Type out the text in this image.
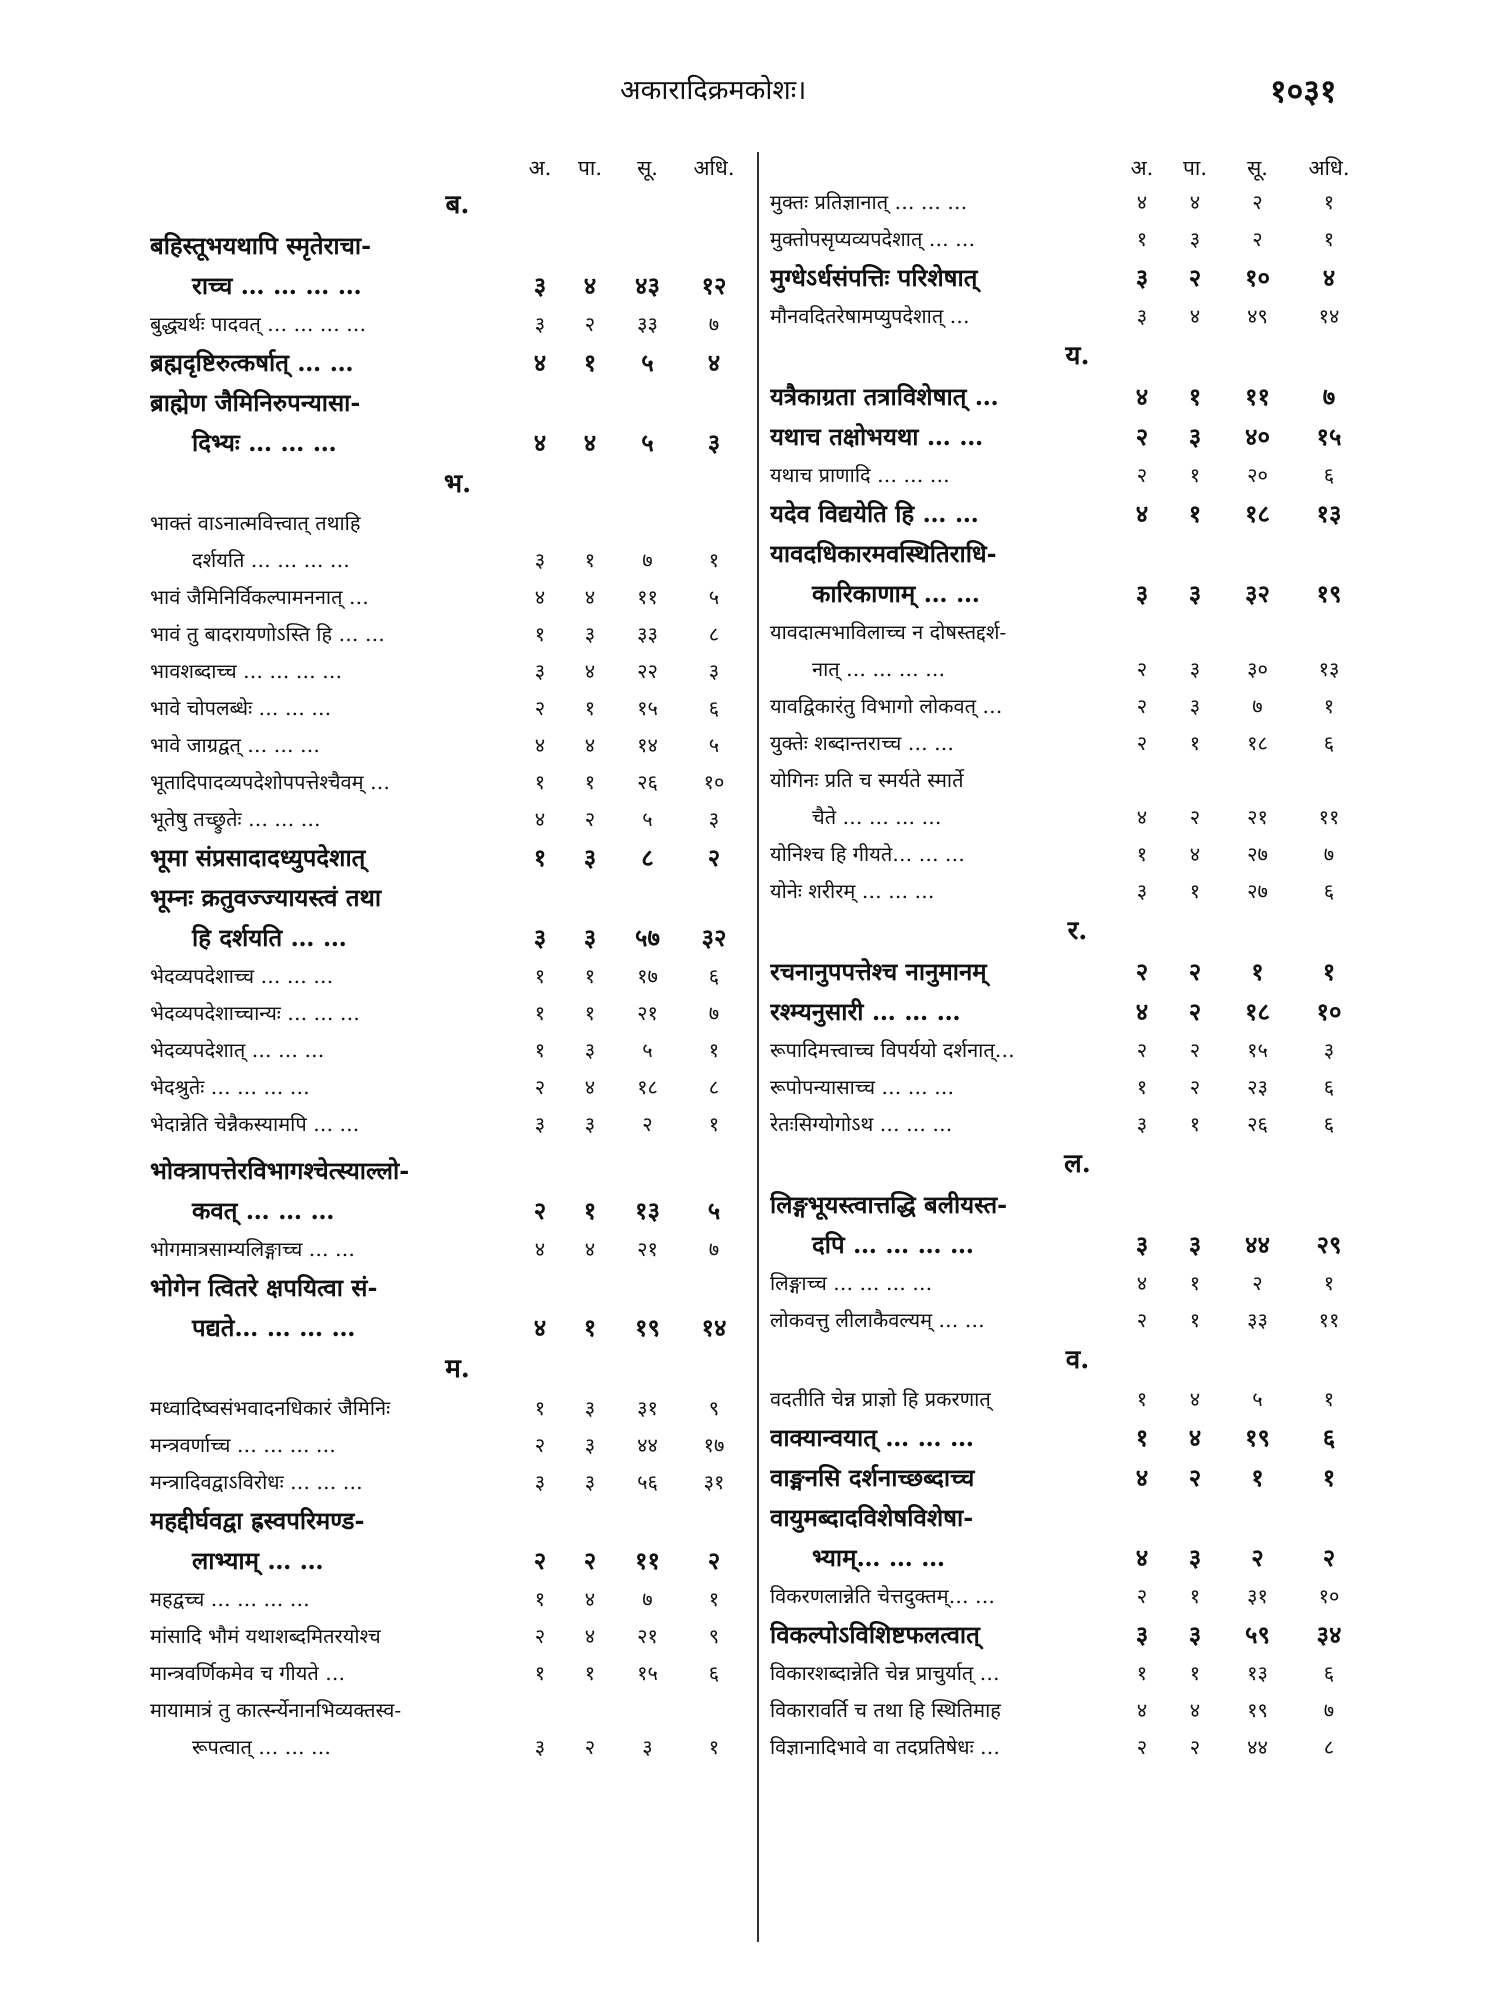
अकारादिक्रमकोशः।	१०३१
अ.	पा.	सू.	अधि.
ब.
बहिस्तूभयथापि स्मृतेराचा-
राच्च … … … …	३	४	४३	१२
बुद्ध्यर्थः पादवत् … … … …	३	२	३३	७
ब्रह्मदृष्टिरुत्कर्षात् … …	४	१	५	४
ब्राह्मेण जैमिनिरुपन्यासा-
दिभ्यः … … …	४	४	५	३
भ.
भाक्तं वाऽनात्मवित्त्वात् तथाहि
दर्शयति … … … …	३	१	७	१
भावं जैमिनिर्विकल्पामननात् …	४	४	११	५
भावं तु बादरायणोऽस्ति हि … …	१	३	३३	८
भावशब्दाच्च … … … …	३	४	२२	३
भावे चोपलब्धेः … … …	२	१	१५	६
भावे जाग्रद्वत् … … …	४	४	१४	५
भूतादिपादव्यपदेशोपपत्तेश्चैवम् …	१	१	२६	१०
भूतेषु तच्छ्रुतेः … … …	४	२	५	३
भूमा संप्रसादादध्युपदेशात्	१	३	८	२
भूम्नः क्रतुवज्ज्यायस्त्वं तथा
हि दर्शयति … …	३	३	५७	३२
भेदव्यपदेशाच्च … … …	१	१	१७	६
भेदव्यपदेशाच्चान्यः … … …	१	१	२१	७
भेदव्यपदेशात् … … …	१	३	५	१
भेदश्रुतेः … … … …	२	४	१८	८
भेदान्नेति चेन्नैकस्यामपि … …	३	३	२	१
भोक्त्रापत्तेरविभागश्चेत्स्याल्लो-
कवत् … … …	२	१	१३	५
भोगमात्रसाम्यलिङ्गाच्च … …	४	४	२१	७
भोगेन त्वितरे क्षपयित्वा सं-
पद्यते… … … …	४	१	१९	१४
म.
मध्वादिष्वसंभवादनधिकारं जैमिनिः	१	३	३१	९
मन्त्रवर्णाच्च … … … …	२	३	४४	१७
मन्त्रादिवद्वाऽविरोधः … … …	३	३	५६	३१
महद्दीर्घवद्वा ह्रस्वपरिमण्ड-
लाभ्याम् … …	२	२	११	२
महद्वच्च … … … …	१	४	७	१
मांसादि भौमं यथाशब्दमितरयोश्च	२	४	२१	९
मान्त्रवर्णिकमेव च गीयते …	१	१	१५	६
मायामात्रं तु कार्त्स्न्येनानभिव्यक्तस्व-
रूपत्वात् … … …	३	२	३	१
अ.	पा.	सू.	अधि.
मुक्तः प्रतिज्ञानात् … … …	४	४	२	१
मुक्तोपसृप्यव्यपदेशात् … …	१	३	२	१
मुग्धेऽर्धसंपत्तिः परिशेषात्	३	२	१०	४
मौनवदितरेषामप्युपदेशात् …	३	४	४९	१४
य.
यत्रैकाग्रता तत्राविशेषात् …	४	१	११	७
यथाच तक्षोभयथा … …	२	३	४०	१५
यथाच प्राणादि … … …	२	१	२०	६
यदेव विद्ययेति हि … …	४	१	१८	१३
यावदधिकारमवस्थितिराधि-
कारिकाणाम् … …	३	३	३२	१९
यावदात्मभाविलाच्च न दोषस्तद्दर्श-
नात् … … … …	२	३	३०	१३
यावद्विकारंतु विभागो लोकवत् …	२	३	७	१
युक्तेः शब्दान्तराच्च … …	२	१	१८	६
योगिनः प्रति च स्मर्यते स्मार्ते
चैते … … … …	४	२	२१	११
योनिश्च हि गीयते… … …	१	४	२७	७
योनेः शरीरम् … … …	३	१	२७	६
र.
रचनानुपपत्तेश्च नानुमानम्	२	२	१	१
रश्म्यनुसारी … … …	४	२	१८	१०
रूपादिमत्त्वाच्च विपर्ययो दर्शनात्…	२	२	१५	३
रूपोपन्यासाच्च … … …	१	२	२३	६
रेतःसिग्योगोऽथ … … …	३	१	२६	६
ल.
लिङ्गभूयस्त्वात्तद्धि बलीयस्त-
दपि … … … …	३	३	४४	२९
लिङ्गाच्च … … … …	४	१	२	१
लोकवत्तु लीलाकैवल्यम् … …	२	१	३३	११
व.
वदतीति चेन्न प्राज्ञो हि प्रकरणात्	१	४	५	१
वाक्यान्वयात् … … …	१	४	१९	६
वाङ्मनसि दर्शनाच्छब्दाच्च	४	२	१	१
वायुमब्दादविशेषविशेषा-
भ्याम्… … …	४	३	२	२
विकरणलान्नेति चेत्तदुक्तम्… …	२	१	३१	१०
विकल्पोऽविशिष्टफलत्वात्	३	३	५९	३४
विकारशब्दान्नेति चेन्न प्राचुर्यात् …	१	१	१३	६
विकारावर्ति च तथा हि स्थितिमाह	४	४	१९	७
विज्ञानादिभावे वा तदप्रतिषेधः …	२	२	४४	८
